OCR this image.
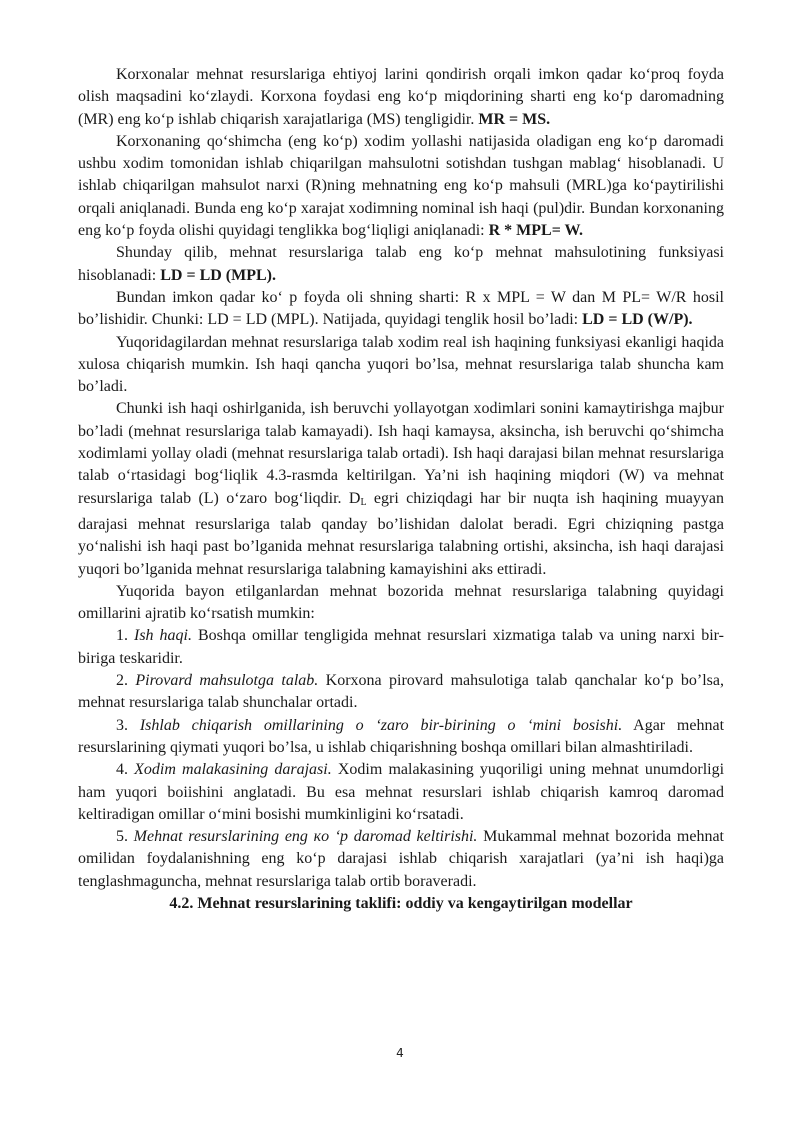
Korxonalar mehnat resurslariga ehtiyoj larini qondirish orqali imkon qadar ko‘proq foyda olish maqsadini ko‘zlaydi. Korxona foydasi eng ko‘p miqdorining sharti eng ko‘p daromadning (MR) eng ko‘p ishlab chiqarish xarajatlariga (MS) tengligidir. MR = MS.

Korxonaning qo‘shimcha (eng ko‘p) xodim yollashi natijasida oladigan eng ko‘p daromadi ushbu xodim tomonidan ishlab chiqarilgan mahsulotni sotishdan tushgan mablag‘ hisoblanadi. U ishlab chiqarilgan mahsulot narxi (R)ning mehnatning eng ko‘p mahsuli (MRL)ga ko‘paytirilishi orqali aniqlanadi. Bunda eng ko‘p xarajat xodimning nominal ish haqi (pul)dir. Bundan korxonaning eng ko‘p foyda olishi quyidagi tenglikka bog‘liqligi aniqlanadi: R * MPL= W.

Shunday qilib, mehnat resurslariga talab eng ko‘p mehnat mahsulotining funksiyasi hisoblanadi: LD = LD (MPL).

Bundan imkon qadar ko‘ p foyda oli shning sharti: R x MPL = W dan M PL= W/R hosil bo’lishidir. Chunki: LD = LD (MPL). Natijada, quyidagi tenglik hosil bo’ladi: LD = LD (W/P).

Yuqoridagilardan mehnat resurslariga talab xodim real ish haqining funksiyasi ekanligi haqida xulosa chiqarish mumkin. Ish haqi qancha yuqori bo’lsa, mehnat resurslariga talab shuncha kam bo’ladi.

Chunki ish haqi oshirlganida, ish beruvchi yollayotgan xodimlari sonini kamaytirishga majbur bo’ladi (mehnat resurslariga talab kamayadi). Ish haqi kamaysa, aksincha, ish beruvchi qo‘shimcha xodimlami yollay oladi (mehnat resurslariga talab ortadi). Ish haqi darajasi bilan mehnat resurslariga talab o‘rtasidagi bog‘liqlik 4.3-rasmda keltirilgan. Ya’ni ish haqining miqdori (W) va mehnat resurslariga talab (L) o‘zaro bog‘liqdir. $D_L$ egri chiziqdagi har bir nuqta ish haqining muayyan darajasi mehnat resurslariga talab qanday bo’lishidan dalolat beradi. Egri chiziqning pastga yo‘nalishi ish haqi past bo’lganida mehnat resurslariga talabning ortishi, aksincha, ish haqi darajasi yuqori bo’lganida mehnat resurslariga talabning kamayishini aks ettiradi.

Yuqorida bayon etilganlardan mehnat bozorida mehnat resurslariga talabning quyidagi omillarini ajratib ko‘rsatish mumkin:

1. Ish haqi. Boshqa omillar tengligida mehnat resurslari xizmatiga talab va uning narxi bir-biriga teskaridir.

2. Pirovard mahsulotga talab. Korxona pirovard mahsulotiga talab qanchalar ko‘p bo’lsa, mehnat resurslariga talab shunchalar ortadi.

3. Ishlab chiqarish omillarining o ‘zaro bir-birining o ‘mini bosishi. Agar mehnat resurslarining qiymati yuqori bo’lsa, u ishlab chiqarishning boshqa omillari bilan almashtiriladi.

4. Xodim malakasining darajasi. Xodim malakasining yuqoriligi uning mehnat unumdorligi ham yuqori boiishini anglatadi. Bu esa mehnat resurslari ishlab chiqarish kamroq daromad keltiradigan omillar o‘mini bosishi mumkinligini ko‘rsatadi.

5. Mehnat resurslarining eng кo ‘p daromad keltirishi. Mukammal mehnat bozorida mehnat omilidan foydalanishning eng ko‘p darajasi ishlab chiqarish xarajatlari (ya’ni ish haqi)ga tenglashmaguncha, mehnat resurslariga talab ortib boraveradi.

4.2. Mehnat resurslarining taklifi: oddiy va kengaytirilgan modellar

4
